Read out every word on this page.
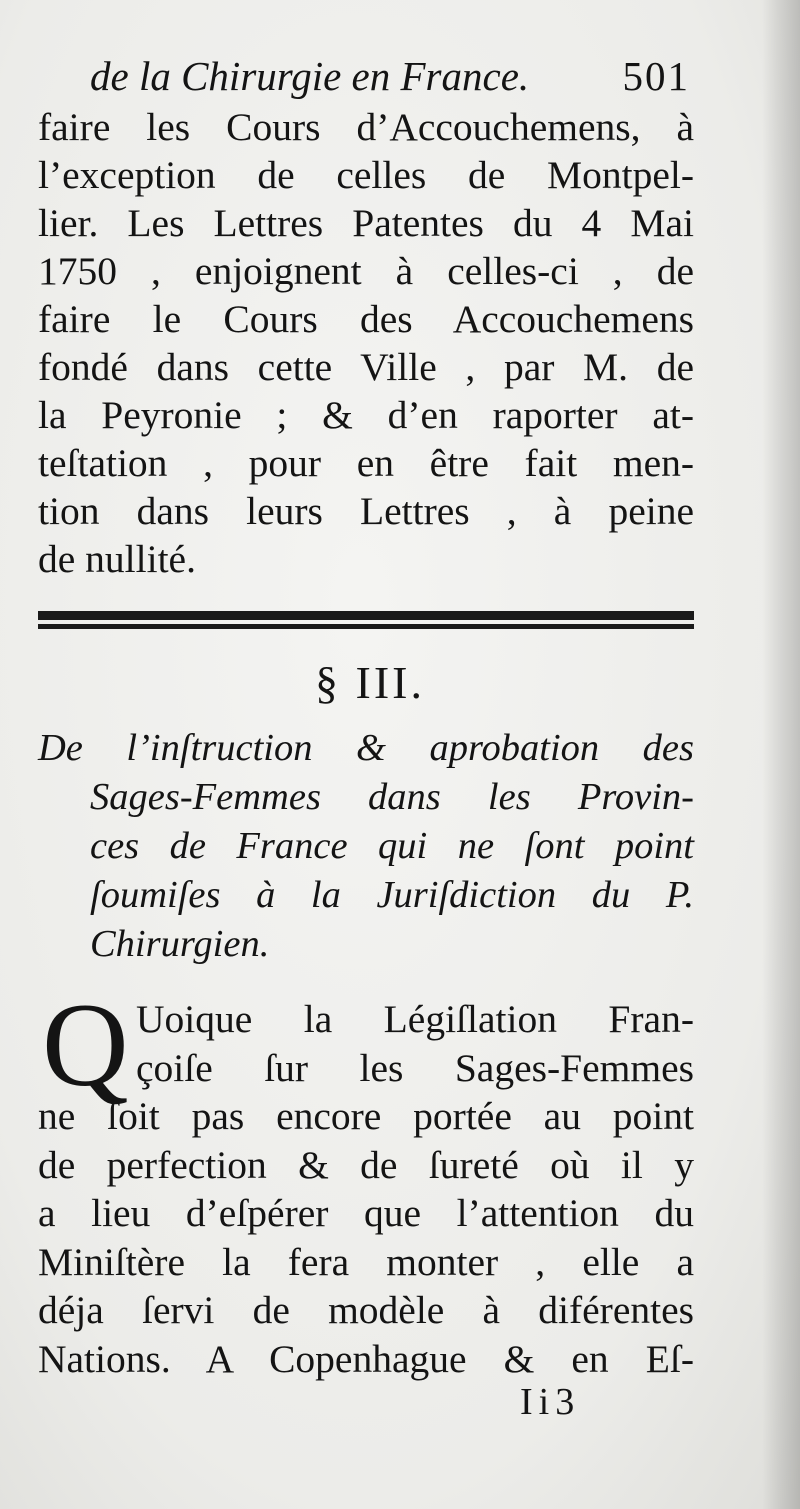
de la Chirurgie en France. 501
faire les Cours d’Accouchemens, à
l’exception de celles de Montpel-
lier. Les Lettres Patentes du 4 Mai
1750 , enjoignent à celles-ci , de
faire le Cours des Accouchemens
fondé dans cette Ville , par M. de
la Peyronie ; & d’en raporter at-
teſtation , pour en être fait men-
tion dans leurs Lettres , à peine
de nullité.
§ III.
De l’inſtruction & aprobation des
Sages-Femmes dans les Provin-
ces de France qui ne ſont point
ſoumiſes à la Juriſdiction du P.
Chirurgien.
Q Uoique la Légiſlation Fran-
çoiſe ſur les Sages-Femmes
ne ſoit pas encore portée au point
de perfection & de ſureté où il y
a lieu d’eſpérer que l’attention du
Miniſtère la fera monter , elle a
déja ſervi de modèle à diférentes
Nations. A Copenhague & en Eſ-
Ii3
